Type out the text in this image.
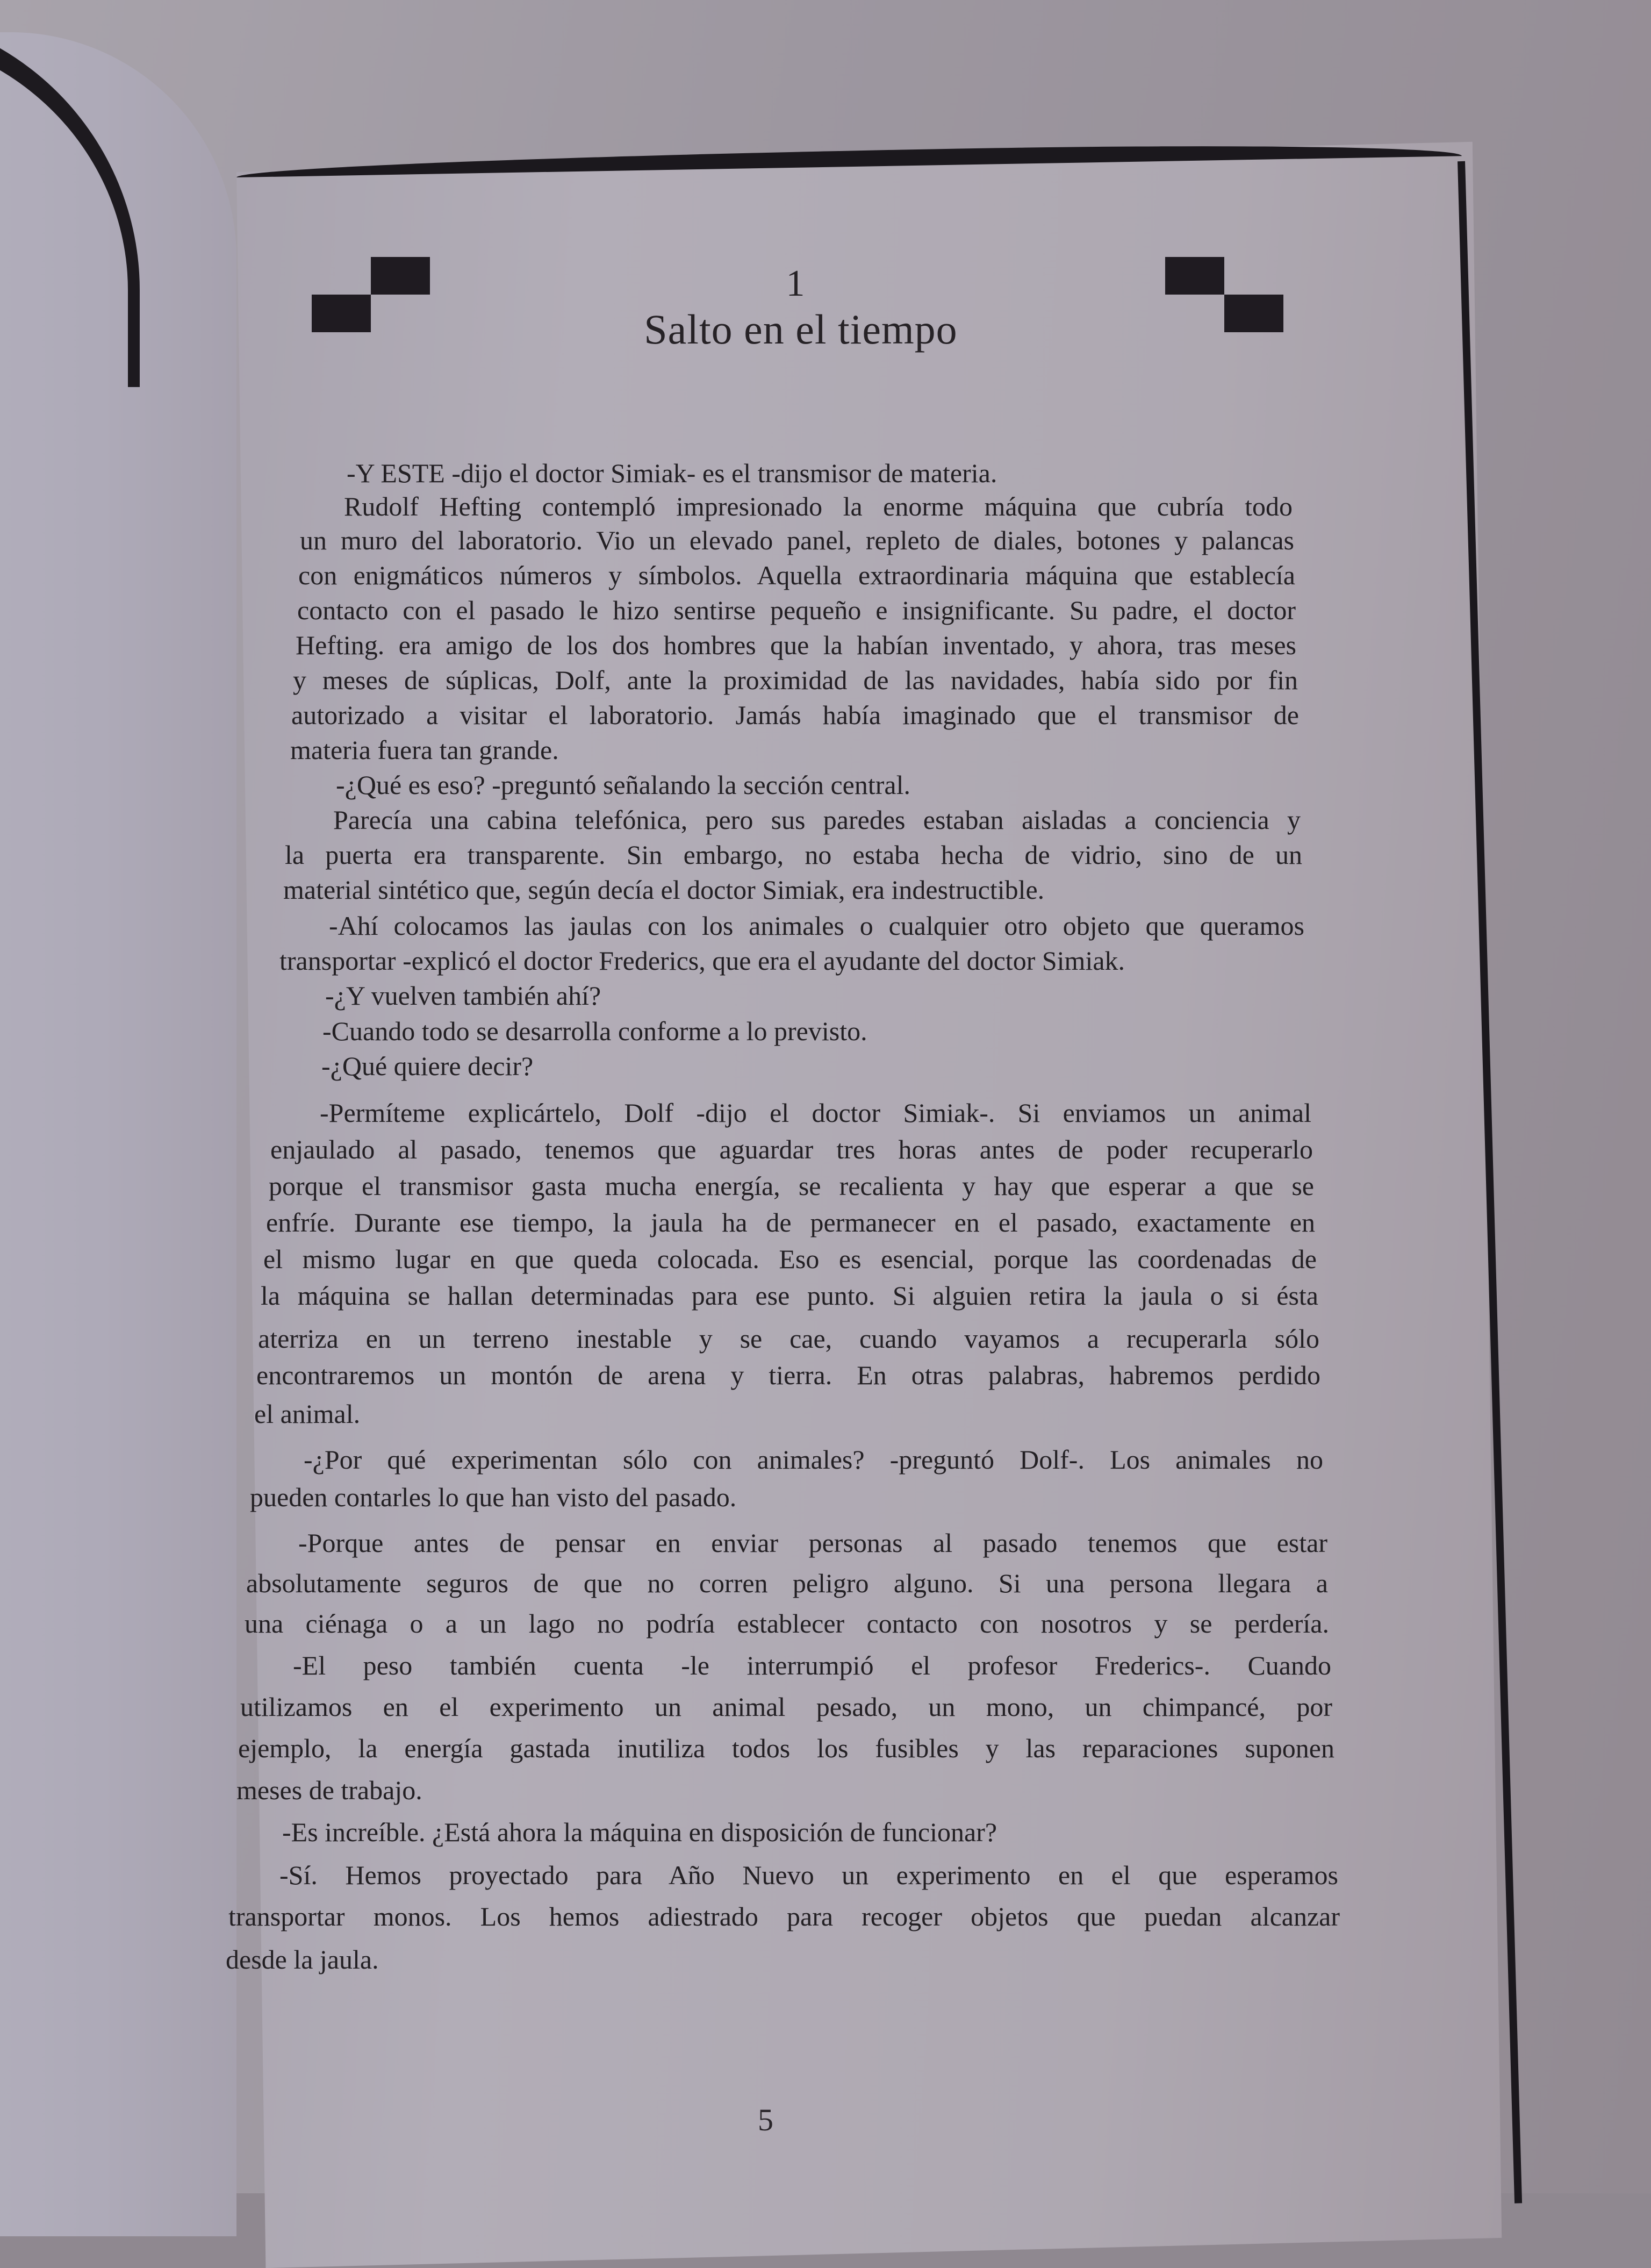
1
Salto en el tiempo
-Y ESTE -dijo el doctor Simiak- es el transmisor de materia.
Rudolf Hefting contempló impresionado la enorme máquina que cubría todo
un muro del laboratorio. Vio un elevado panel, repleto de diales, botones y palancas
con enigmáticos números y símbolos. Aquella extraordinaria máquina que establecía
contacto con el pasado le hizo sentirse pequeño e insignificante. Su padre, el doctor
Hefting. era amigo de los dos hombres que la habían inventado, y ahora, tras meses
y meses de súplicas, Dolf, ante la proximidad de las navidades, había sido por fin
autorizado a visitar el laboratorio. Jamás había imaginado que el transmisor de
materia fuera tan grande.
-¿Qué es eso? -preguntó señalando la sección central.
Parecía una cabina telefónica, pero sus paredes estaban aisladas a conciencia y
la puerta era transparente. Sin embargo, no estaba hecha de vidrio, sino de un
material sintético que, según decía el doctor Simiak, era indestructible.
-Ahí colocamos las jaulas con los animales o cualquier otro objeto que queramos
transportar -explicó el doctor Frederics, que era el ayudante del doctor Simiak.
-¿Y vuelven también ahí?
-Cuando todo se desarrolla conforme a lo previsto.
-¿Qué quiere decir?
-Permíteme explicártelo, Dolf -dijo el doctor Simiak-. Si enviamos un animal
enjaulado al pasado, tenemos que aguardar tres horas antes de poder recuperarlo
porque el transmisor gasta mucha energía, se recalienta y hay que esperar a que se
enfríe. Durante ese tiempo, la jaula ha de permanecer en el pasado, exactamente en
el mismo lugar en que queda colocada. Eso es esencial, porque las coordenadas de
la máquina se hallan determinadas para ese punto. Si alguien retira la jaula o si ésta
aterriza en un terreno inestable y se cae, cuando vayamos a recuperarla sólo
encontraremos un montón de arena y tierra. En otras palabras, habremos perdido
el animal.
-¿Por qué experimentan sólo con animales? -preguntó Dolf-. Los animales no
pueden contarles lo que han visto del pasado.
-Porque antes de pensar en enviar personas al pasado tenemos que estar
absolutamente seguros de que no corren peligro alguno. Si una persona llegara a
una ciénaga o a un lago no podría establecer contacto con nosotros y se perdería.
-El peso también cuenta -le interrumpió el profesor Frederics-. Cuando
utilizamos en el experimento un animal pesado, un mono, un chimpancé, por
ejemplo, la energía gastada inutiliza todos los fusibles y las reparaciones suponen
meses de trabajo.
-Es increíble. ¿Está ahora la máquina en disposición de funcionar?
-Sí. Hemos proyectado para Año Nuevo un experimento en el que esperamos
transportar monos. Los hemos adiestrado para recoger objetos que puedan alcanzar
desde la jaula.
5
